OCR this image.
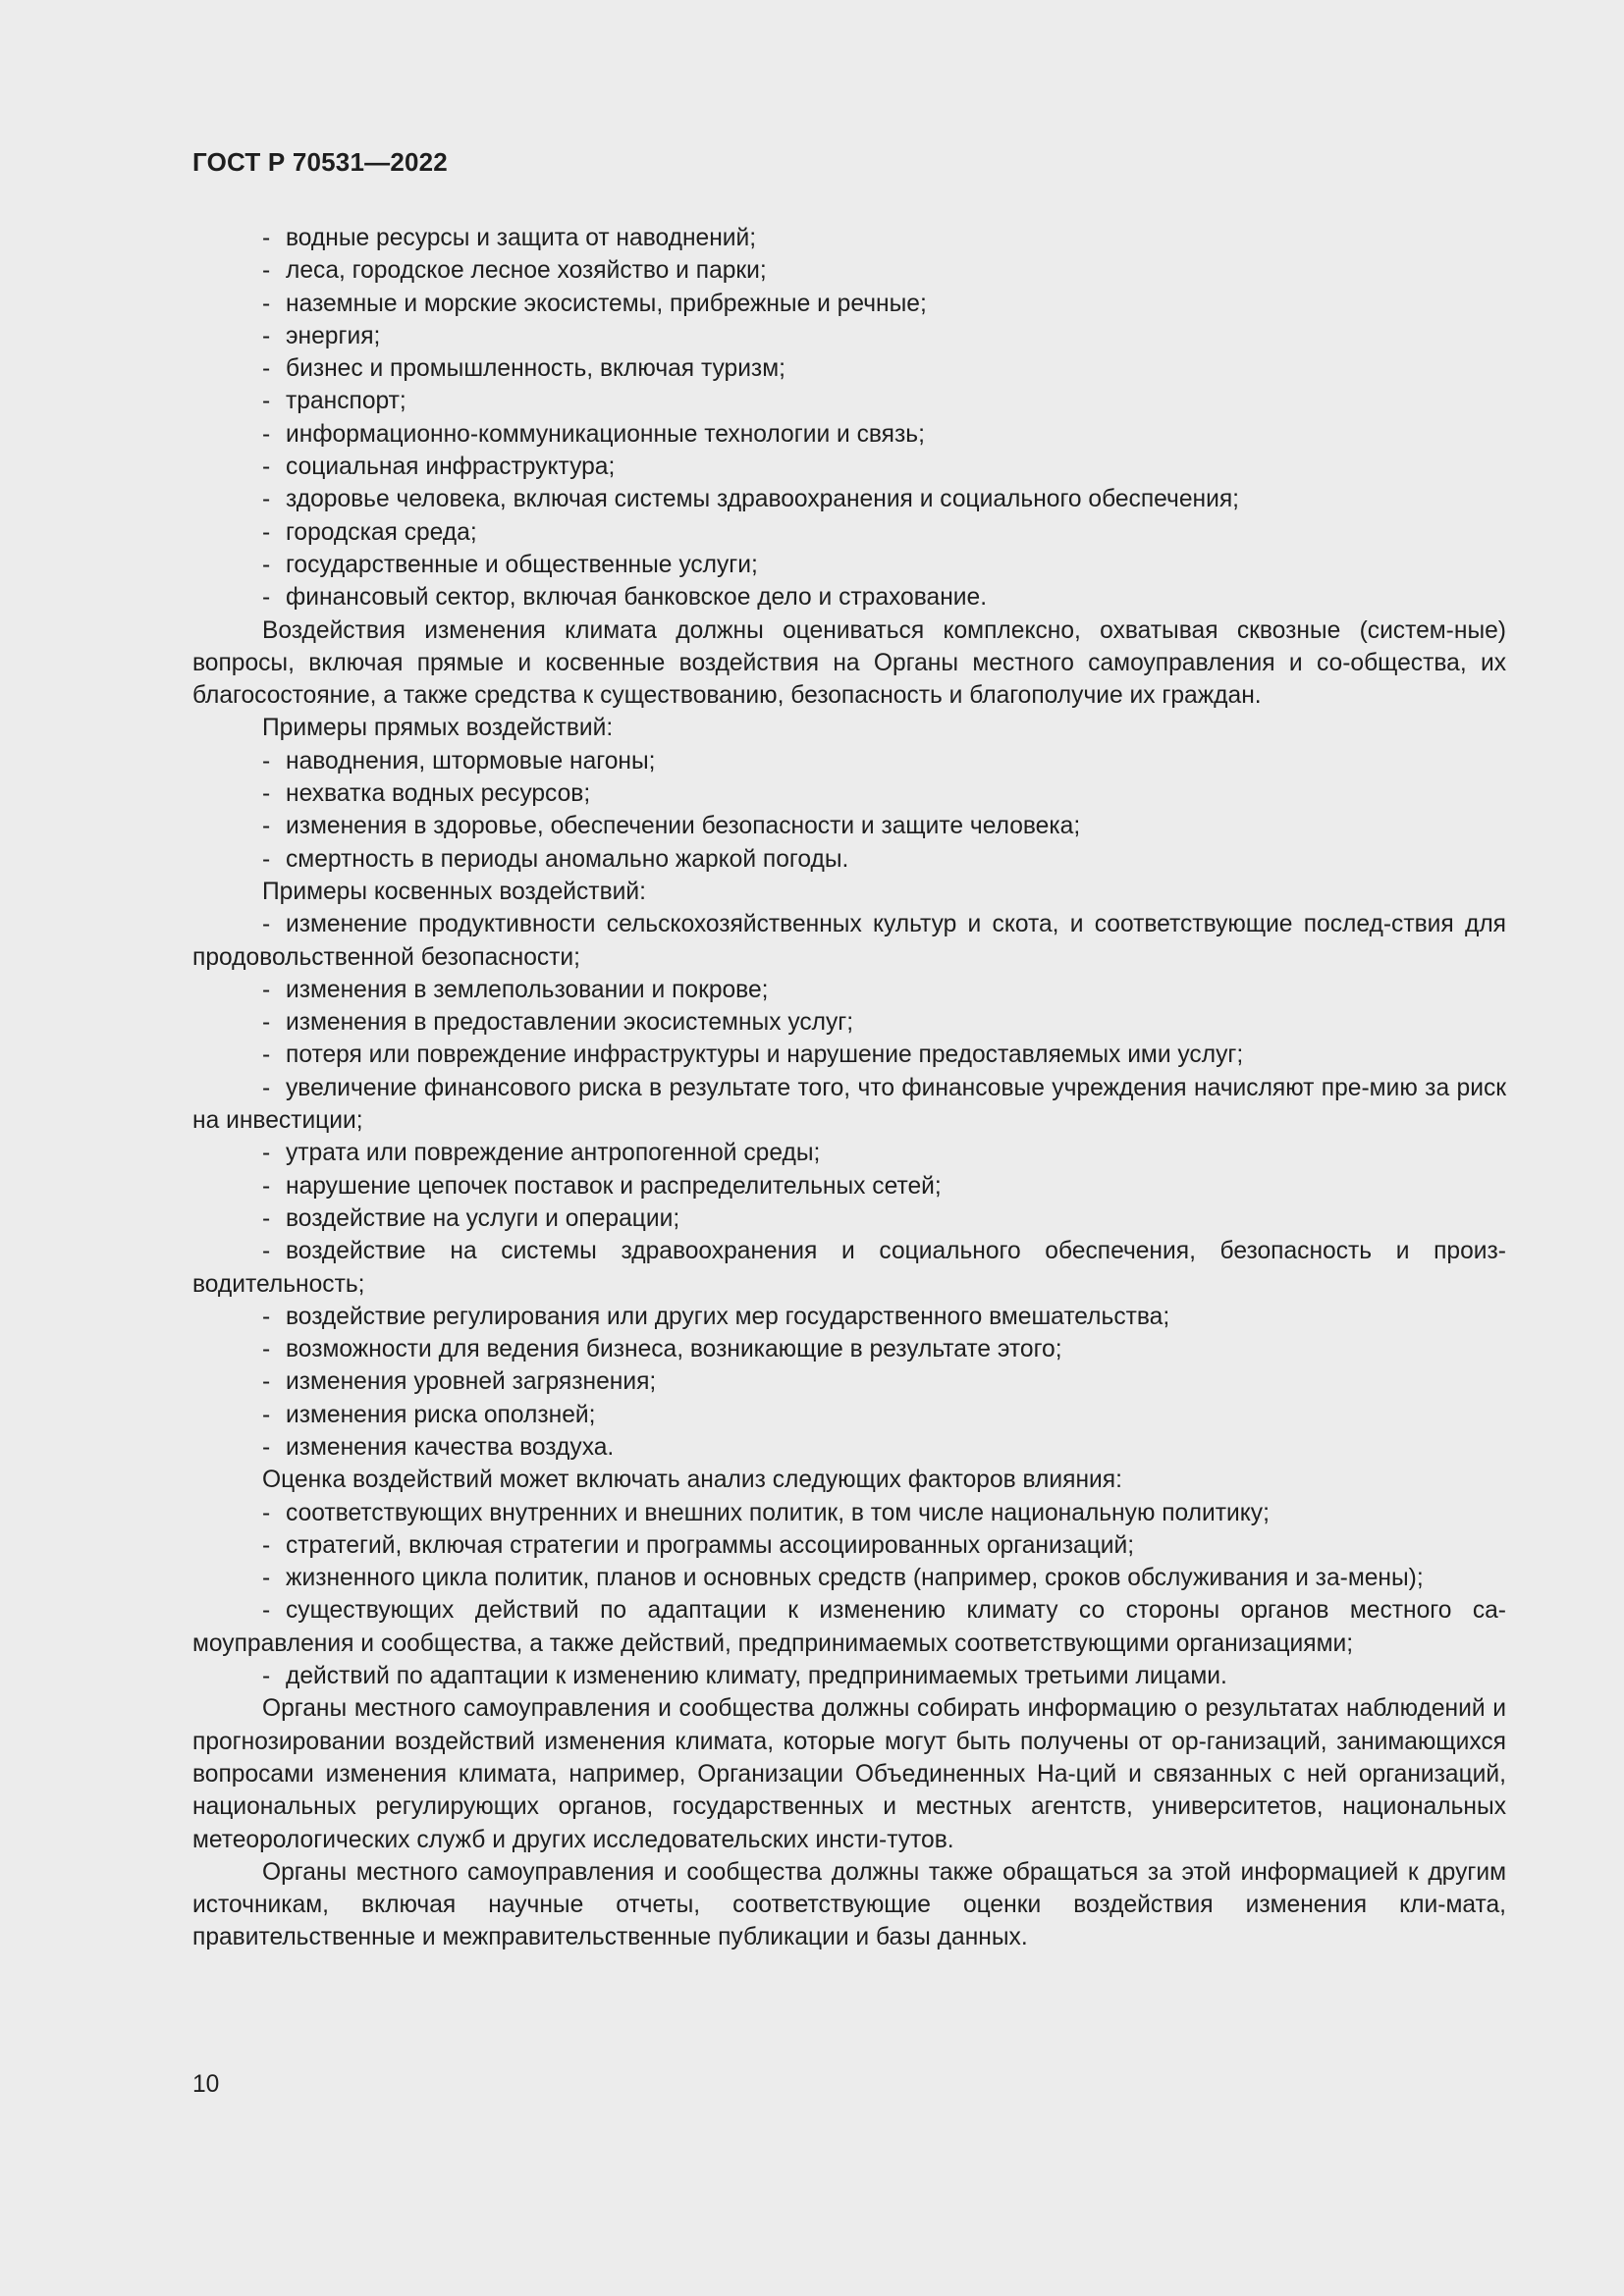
ГОСТ Р 70531—2022

- водные ресурсы и защита от наводнений;

- леса, городское лесное хозяйство и парки;

- наземные и морские экосистемы, прибрежные и речные;

- энергия;

- бизнес и промышленность, включая туризм;

- транспорт;

- информационно-коммуникационные технологии и связь;

- социальная инфраструктура;

- здоровье человека, включая системы здравоохранения и социального обеспечения;

- городская среда;

- государственные и общественные услуги;

- финансовый сектор, включая банковское дело и страхование.

Воздействия изменения климата должны оцениваться комплексно, охватывая сквозные (систем-ные) вопросы, включая прямые и косвенные воздействия на Органы местного самоуправления и со-общества, их благосостояние, а также средства к существованию, безопасность и благополучие их граждан.

Примеры прямых воздействий:

- наводнения, штормовые нагоны;

- нехватка водных ресурсов;

- изменения в здоровье, обеспечении безопасности и защите человека;

- смертность в периоды аномально жаркой погоды.

Примеры косвенных воздействий:

- изменение продуктивности сельскохозяйственных культур и скота, и соответствующие послед-ствия для продовольственной безопасности;

- изменения в землепользовании и покрове;

- изменения в предоставлении экосистемных услуг;

- потеря или повреждение инфраструктуры и нарушение предоставляемых ими услуг;

- увеличение финансового риска в результате того, что финансовые учреждения начисляют пре-мию за риск на инвестиции;

- утрата или повреждение антропогенной среды;

- нарушение цепочек поставок и распределительных сетей;

- воздействие на услуги и операции;

- воздействие на системы здравоохранения и социального обеспечения, безопасность и произ-водительность;

- воздействие регулирования или других мер государственного вмешательства;

- возможности для ведения бизнеса, возникающие в результате этого;

- изменения уровней загрязнения;

- изменения риска оползней;

- изменения качества воздуха.

Оценка воздействий может включать анализ следующих факторов влияния:

- соответствующих внутренних и внешних политик, в том числе национальную политику;

- стратегий, включая стратегии и программы ассоциированных организаций;

- жизненного цикла политик, планов и основных средств (например, сроков обслуживания и за-мены);

- существующих действий по адаптации к изменению климату со стороны органов местного са-моуправления и сообщества, а также действий, предпринимаемых соответствующими организациями;

- действий по адаптации к изменению климату, предпринимаемых третьими лицами.

Органы местного самоуправления и сообщества должны собирать информацию о результатах наблюдений и прогнозировании воздействий изменения климата, которые могут быть получены от ор-ганизаций, занимающихся вопросами изменения климата, например, Организации Объединенных На-ций и связанных с ней организаций, национальных регулирующих органов, государственных и местных агентств, университетов, национальных метеорологических служб и других исследовательских инсти-тутов.

Органы местного самоуправления и сообщества должны также обращаться за этой информацией к другим источникам, включая научные отчеты, соответствующие оценки воздействия изменения кли-мата, правительственные и межправительственные публикации и базы данных.

10
